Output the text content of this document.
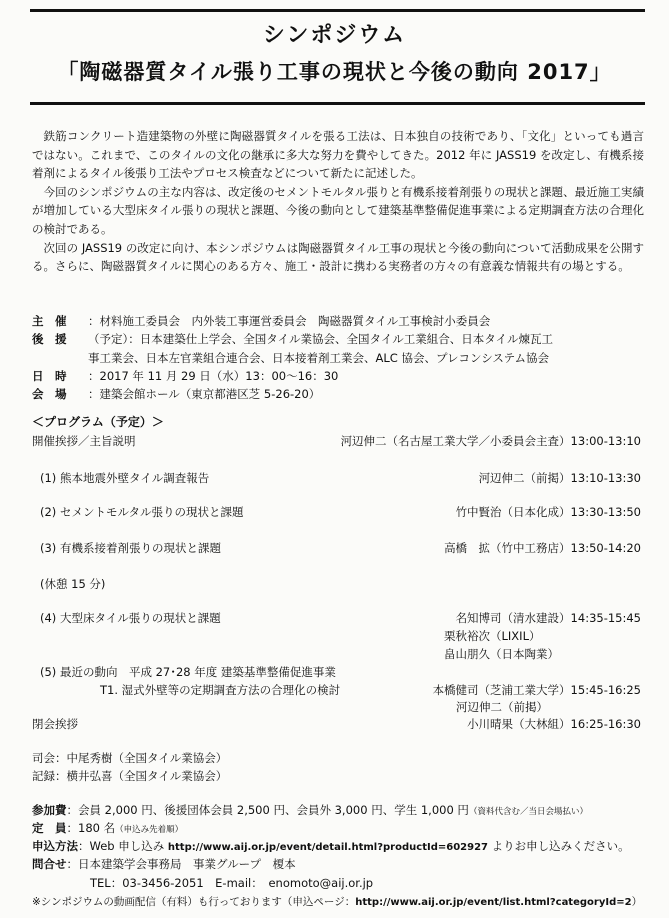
シンポジウム
「陶磁器質タイル張り工事の現状と今後の動向 2017」

鉄筋コンクリート造建築物の外壁に陶磁器質タイルを張る工法は、日本独自の技術であり、「文化」といっても過言ではない。これまで、このタイルの文化の継承に多大な努力を費やしてきた。2012 年に JASS19 を改定し、有機系接着剤によるタイル後張り工法やプロセス検査などについて新たに記述した。

今回のシンポジウムの主な内容は、改定後のセメントモルタル張りと有機系接着剤張りの現状と課題、最近施工実績が増加している大型床タイル張りの現状と課題、今後の動向として建築基準整備促進事業による定期調査方法の合理化の検討である。

次回の JASS19 の改定に向け、本シンポジウムは陶磁器質タイル工事の現状と今後の動向について活動成果を公開する。さらに、陶磁器質タイルに関心のある方々、施工・設計に携わる実務者の方々の有意義な情報共有の場とする。

主　催	：材料施工委員会　内外装工事運営委員会　陶磁器質タイル工事検討小委員会
後　援	（予定）：日本建築仕上学会、全国タイル業協会、全国タイル工業組合、日本タイル煉瓦工
事工業会、日本左官業組合連合会、日本接着剤工業会、ALC 協会、プレコンシステム協会
日　時	：2017 年 11 月 29 日（水）13：00〜16：30
会　場	：建築会館ホール（東京都港区芝 5-26-20）
＜プログラム（予定）＞
開催挨拶／主旨説明	河辺伸二（名古屋工業大学／小委員会主査）13:00-13:10
(1) 熊本地震外壁タイル調査報告	河辺伸二（前掲）13:10-13:30
(2) セメントモルタル張りの現状と課題	竹中賢治（日本化成）13:30-13:50
(3) 有機系接着剤張りの現状と課題	高橋　拡（竹中工務店）13:50-14:20
(休憩 15 分)
(4) 大型床タイル張りの現状と課題	名知博司（清水建設）14:35-15:45
栗秋裕次（LIXIL）
畠山朋久（日本陶業）
(5) 最近の動向　平成 27･28 年度 建築基準整備促進事業
T1. 湿式外壁等の定期調査方法の合理化の検討	本橋健司（芝浦工業大学）15:45-16:25
河辺伸二（前掲）
閉会挨拶	小川晴果（大林組）16:25-16:30
司会：中尾秀樹（全国タイル業協会）
記録：横井弘喜（全国タイル業協会）
参加費：会員 2,000 円、後援団体会員 2,500 円、会員外 3,000 円、学生 1,000 円（資料代含む／当日会場払い）
定　員：180 名（申込み先着順）
申込方法：Web 申し込み http://www.aij.or.jp/event/detail.html?productId=602927 よりお申し込みください。
問合せ：日本建築学会事務局　事業グループ　榎本
TEL：03-3456-2051　E-mail：　enomoto@aij.or.jp
※シンポジウムの動画配信（有料）も行っております（申込ページ：http://www.aij.or.jp/event/list.html?categoryId=2）
